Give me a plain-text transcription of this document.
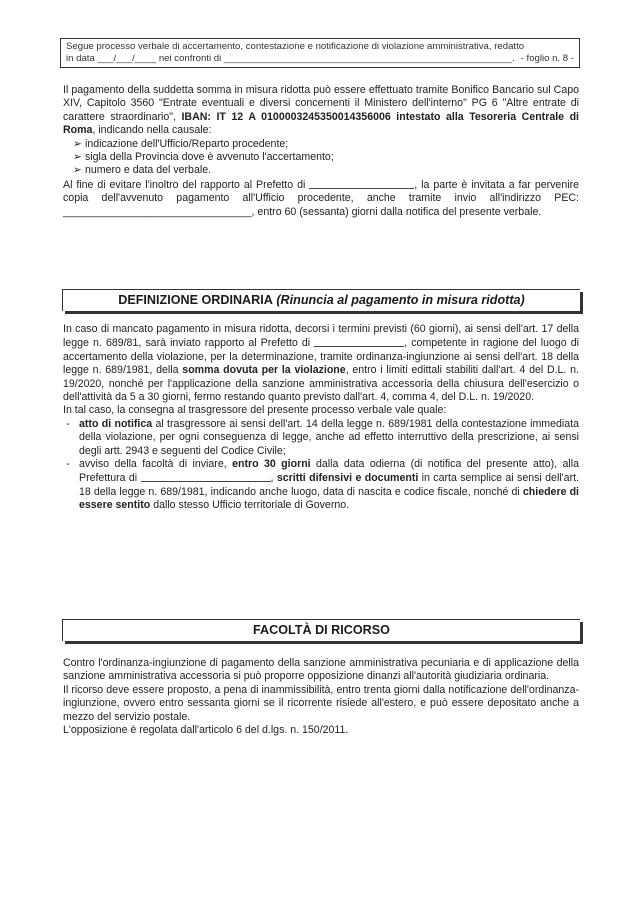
Segue processo verbale di accertamento, contestazione e notificazione di violazione amministrativa, redatto
in data ___/___/____ nei confronti di ______________________________________________________. - foglio n. 8 -

Il pagamento della suddetta somma in misura ridotta può essere effettuato tramite Bonifico Bancario sul Capo XIV, Capitolo 3560 "Entrate eventuali e diversi concernenti il Ministero dell'interno" PG 6 "Altre entrate di carattere straordinario", IBAN: IT 12 A 0100003245350014356006 intestato alla Tesoreria Centrale di Roma, indicando nella causale:

➢ indicazione dell'Ufficio/Reparto procedente;
➢ sigla della Provincia dove è avvenuto l'accertamento;
➢ numero e data del verbale.

Al fine di evitare l'inoltro del rapporto al Prefetto di	, la parte è invitata a far pervenire copia dell'avvenuto pagamento all'Ufficio procedente, anche tramite invio all'indirizzo PEC: ________________________________, entro 60 (sessanta) giorni dalla notifica del presente verbale.

DEFINIZIONE ORDINARIA (Rinuncia al pagamento in misura ridotta)

In caso di mancato pagamento in misura ridotta, decorsi i termini previsti (60 giorni), ai sensi dell'art. 17 della legge n. 689/81, sarà inviato rapporto al Prefetto di	, competente in ragione del luogo di accertamento della violazione, per la determinazione, tramite ordinanza-ingiunzione ai sensi dell'art. 18 della legge n. 689/1981, della somma dovuta per la violazione, entro i limiti edittali stabiliti dall'art. 4 del D.L. n. 19/2020, nonché per l'applicazione della sanzione amministrativa accessoria della chiusura dell'esercizio o dell'attività da 5 a 30 giorni, fermo restando quanto previsto dall'art. 4, comma 4, del D.L. n. 19/2020.

In tal caso, la consegna al trasgressore del presente processo verbale vale quale:

- atto di notifica al trasgressore ai sensi dell'art. 14 della legge n. 689/1981 della contestazione immediata della violazione, per ogni conseguenza di legge, anche ad effetto interruttivo della prescrizione, ai sensi degli artt. 2943 e seguenti del Codice Civile;
- avviso della facoltà di inviare, entro 30 giorni dalla data odierna (di notifica del presente atto), alla Prefettura di	, scritti difensivi e documenti in carta semplice ai sensi dell'art. 18 della legge n. 689/1981, indicando anche luogo, data di nascita e codice fiscale, nonché di chiedere di essere sentito dallo stesso Ufficio territoriale di Governo.
FACOLTÀ DI RICORSO

Contro l'ordinanza-ingiunzione di pagamento della sanzione amministrativa pecuniaria e di applicazione della sanzione amministrativa accessoria si può proporre opposizione dinanzi all'autorità giudiziaria ordinaria.

Il ricorso deve essere proposto, a pena di inammissibilità, entro trenta giorni dalla notificazione dell'ordinanza-ingiunzione, ovvero entro sessanta giorni se il ricorrente risiede all'estero, e può essere depositato anche a mezzo del servizio postale.

L'opposizione è regolata dall'articolo 6 del d.lgs. n. 150/2011.
